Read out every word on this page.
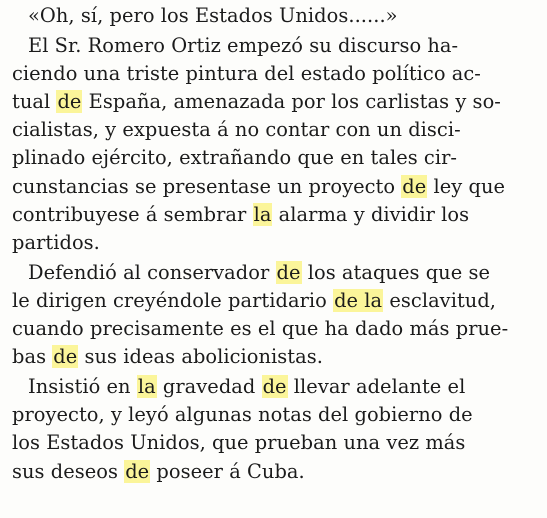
«Oh, sí, pero los Estados Unidos......»
El Sr. Romero Ortiz empezó su discurso ha-
ciendo una triste pintura del estado político ac-
tual de España, amenazada por los carlistas y so-
cialistas, y expuesta á no contar con un disci-
plinado ejército, extrañando que en tales cir-
cunstancias se presentase un proyecto de ley que
contribuyese á sembrar la alarma y dividir los
partidos.
Defendió al conservador de los ataques que se
le dirigen creyéndole partidario de la esclavitud,
cuando precisamente es el que ha dado más prue-
bas de sus ideas abolicionistas.
Insistió en la gravedad de llevar adelante el
proyecto, y leyó algunas notas del gobierno de
los Estados Unidos, que prueban una vez más
sus deseos de poseer á Cuba.
